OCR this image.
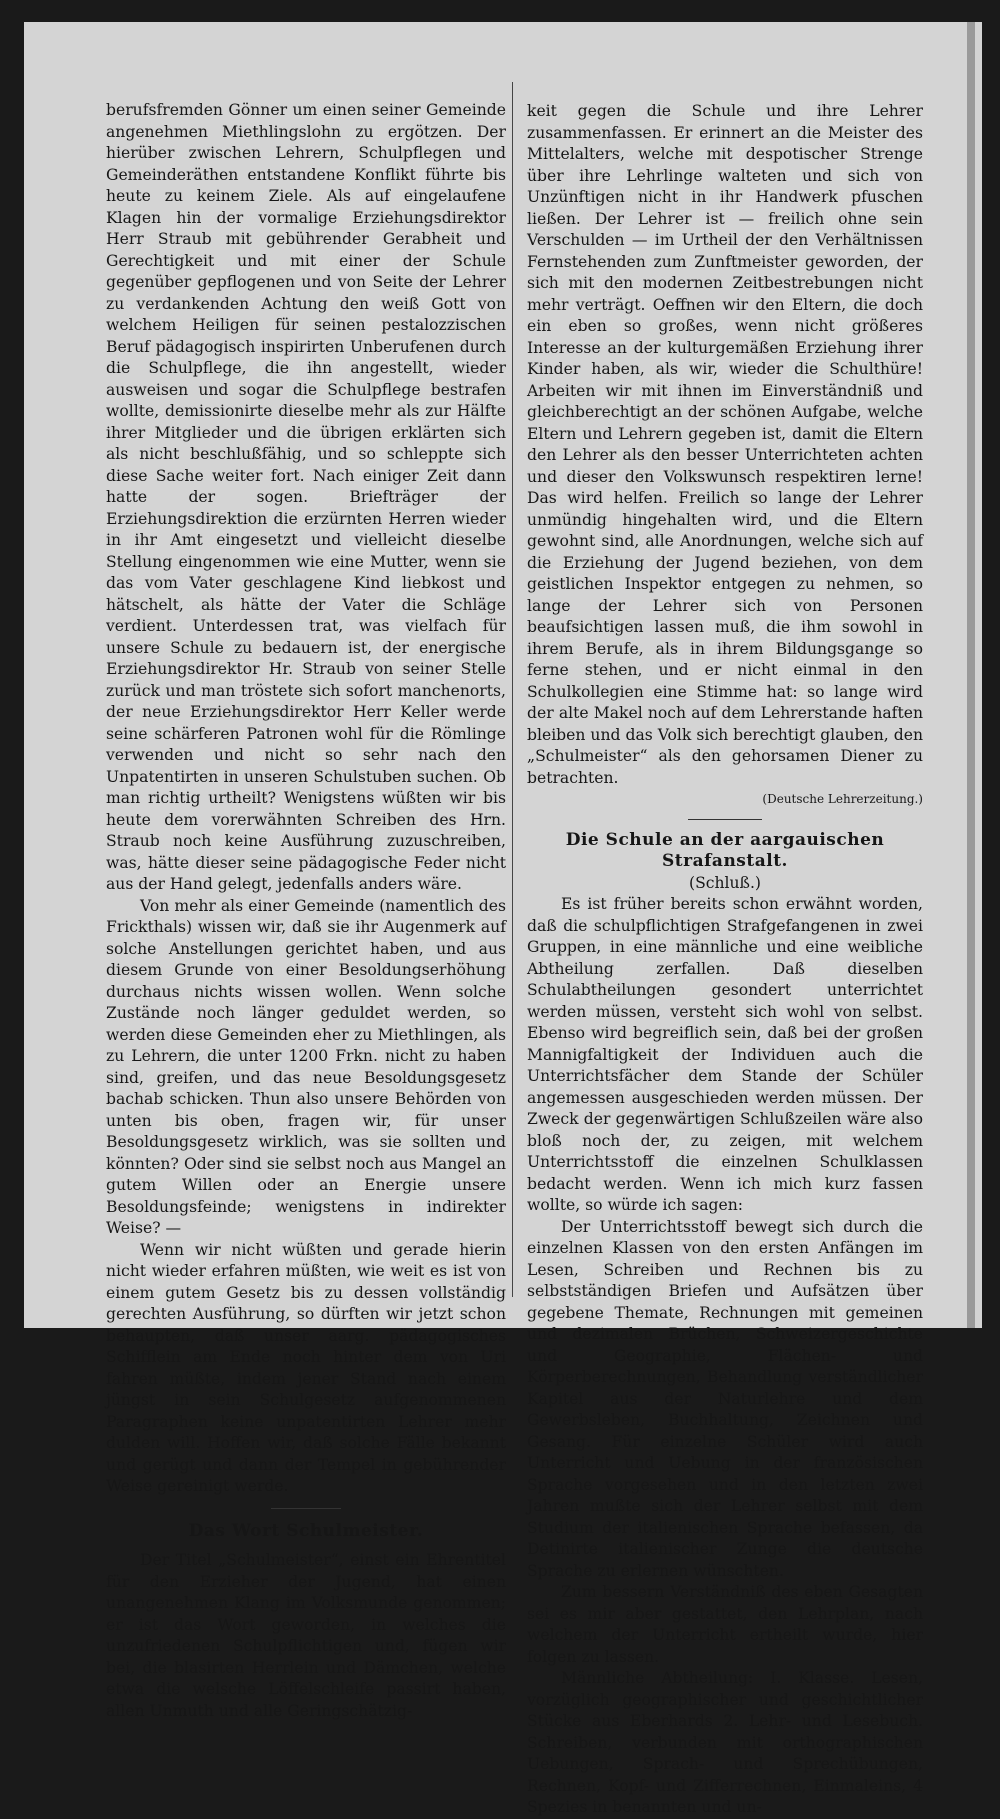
berufsfremden Gönner um einen seiner Gemeinde angenehmen Miethlingslohn zu ergötzen. Der hierüber zwischen Lehrern, Schulpflegen und Gemeinderäthen entstandene Konflikt führte bis heute zu keinem Ziele. Als auf eingelaufene Klagen hin der vormalige Erziehungsdirektor Herr Straub mit gebührender Gerabheit und Gerechtigkeit und mit einer der Schule gegenüber gepflogenen und von Seite der Lehrer zu verdankenden Achtung den weiß Gott von welchem Heiligen für seinen pestalozzischen Beruf pädagogisch inspirirten Unberufenen durch die Schulpflege, die ihn angestellt, wieder ausweisen und sogar die Schulpflege bestrafen wollte, demissionirte dieselbe mehr als zur Hälfte ihrer Mitglieder und die übrigen erklärten sich als nicht beschlußfähig, und so schleppte sich diese Sache weiter fort. Nach einiger Zeit dann hatte der sogen. Briefträger der Erziehungsdirektion die erzürnten Herren wieder in ihr Amt eingesetzt und vielleicht dieselbe Stellung eingenommen wie eine Mutter, wenn sie das vom Vater geschlagene Kind liebkost und hätschelt, als hätte der Vater die Schläge verdient. Unterdessen trat, was vielfach für unsere Schule zu bedauern ist, der energische Erziehungsdirektor Hr. Straub von seiner Stelle zurück und man tröstete sich sofort manchenorts, der neue Erziehungsdirektor Herr Keller werde seine schärferen Patronen wohl für die Römlinge verwenden und nicht so sehr nach den Unpatentirten in unseren Schulstuben suchen. Ob man richtig urtheilt? Wenigstens wüßten wir bis heute dem vorerwähnten Schreiben des Hrn. Straub noch keine Ausführung zuzuschreiben, was, hätte dieser seine pädagogische Feder nicht aus der Hand gelegt, jedenfalls anders wäre.

Von mehr als einer Gemeinde (namentlich des Frickthals) wissen wir, daß sie ihr Augenmerk auf solche Anstellungen gerichtet haben, und aus diesem Grunde von einer Besoldungserhöhung durchaus nichts wissen wollen. Wenn solche Zustände noch länger geduldet werden, so werden diese Gemeinden eher zu Miethlingen, als zu Lehrern, die unter 1200 Frkn. nicht zu haben sind, greifen, und das neue Besoldungsgesetz bachab schicken. Thun also unsere Behörden von unten bis oben, fragen wir, für unser Besoldungsgesetz wirklich, was sie sollten und könnten? Oder sind sie selbst noch aus Mangel an gutem Willen oder an Energie unsere Besoldungsfeinde; wenigstens in indirekter Weise? —

Wenn wir nicht wüßten und gerade hierin nicht wieder erfahren müßten, wie weit es ist von einem gutem Gesetz bis zu dessen vollständig gerechten Ausführung, so dürften wir jetzt schon behaupten, daß unser aarg. pädagogisches Schifflein am Ende noch hinter dem von Uri fahren müßte, indem jener Stand nach einem jüngst in sein Schulgesetz aufgenommenen Paragraphen keine unpatentirten Lehrer mehr dulden will. Hoffen wir, daß solche Fälle bekannt und gerügt und dann der Tempel in gebührender Weise gereinigt werde.

Das Wort Schulmeister.

Der Titel „Schulmeister“, einst ein Ehrentitel für den Erzieher der Jugend, hat einen unangenehmen Klang im Volksmunde genommen; er ist das Wort geworden, in welches die unzufriedenen Schulpflichtigen und, fügen wir bei, die blasirten Herrlein und Dämchen, welche etwa die welsche Löffelschleife passirt haben, allen Unmuth und alle Geringschätzig-

keit gegen die Schule und ihre Lehrer zusammenfassen. Er erinnert an die Meister des Mittelalters, welche mit despotischer Strenge über ihre Lehrlinge walteten und sich von Unzünftigen nicht in ihr Handwerk pfuschen ließen. Der Lehrer ist — freilich ohne sein Verschulden — im Urtheil der den Verhältnissen Fernstehenden zum Zunftmeister geworden, der sich mit den modernen Zeitbestrebungen nicht mehr verträgt. Oeffnen wir den Eltern, die doch ein eben so großes, wenn nicht größeres Interesse an der kulturgemäßen Erziehung ihrer Kinder haben, als wir, wieder die Schulthüre! Arbeiten wir mit ihnen im Einverständniß und gleichberechtigt an der schönen Aufgabe, welche Eltern und Lehrern gegeben ist, damit die Eltern den Lehrer als den besser Unterrichteten achten und dieser den Volkswunsch respektiren lerne! Das wird helfen. Freilich so lange der Lehrer unmündig hingehalten wird, und die Eltern gewohnt sind, alle Anordnungen, welche sich auf die Erziehung der Jugend beziehen, von dem geistlichen Inspektor entgegen zu nehmen, so lange der Lehrer sich von Personen beaufsichtigen lassen muß, die ihm sowohl in ihrem Berufe, als in ihrem Bildungsgange so ferne stehen, und er nicht einmal in den Schulkollegien eine Stimme hat: so lange wird der alte Makel noch auf dem Lehrerstande haften bleiben und das Volk sich berechtigt glauben, den „Schulmeister“ als den gehorsamen Diener zu betrachten.

(Deutsche Lehrerzeitung.)

Die Schule an der aargauischen Strafanstalt.

(Schluß.)

Es ist früher bereits schon erwähnt worden, daß die schulpflichtigen Strafgefangenen in zwei Gruppen, in eine männliche und eine weibliche Abtheilung zerfallen. Daß dieselben Schulabtheilungen gesondert unterrichtet werden müssen, versteht sich wohl von selbst. Ebenso wird begreiflich sein, daß bei der großen Mannigfaltigkeit der Individuen auch die Unterrichtsfächer dem Stande der Schüler angemessen ausgeschieden werden müssen. Der Zweck der gegenwärtigen Schlußzeilen wäre also bloß noch der, zu zeigen, mit welchem Unterrichtsstoff die einzelnen Schulklassen bedacht werden. Wenn ich mich kurz fassen wollte, so würde ich sagen:

Der Unterrichtsstoff bewegt sich durch die einzelnen Klassen von den ersten Anfängen im Lesen, Schreiben und Rechnen bis zu selbstständigen Briefen und Aufsätzen über gegebene Themate, Rechnungen mit gemeinen und dezimalen Brüchen, Schweizergeschichte und Geographie, Flächen- und Körperberechnungen, Behandlung verständlicher Kapitel aus der Naturlehre und dem Gewerbsleben, Buchhaltung, Zeichnen und Gesang. Für einzelne Schüler wird auch Unterricht und Uebung in der französischen Sprache vorgesehen und in den letzten zwei Jahren mußte sich der Lehrer selbst mit dem Studium der italienischen Sprache befassen, da Detinirte italienischer Zunge die deutsche Sprache zu erlernen wünschten.

Zum bessern Verständniß des eben Gesagten sei es mir aber gestattet, den Lehrplan, nach welchem der Unterricht ertheilt wurde, hier folgen zu lassen.

Männliche Abtheilung: I. Klasse. Lesen, vorzüglich geographischer und geschichtlicher Stücke aus Eberhards 2. Lehr- und Lesebuch. Schreiben, verbunden mit orthographischen Uebungen, Sprach- und Sprechübungen, Rechnen, Kopf- und Zifferrechnen, Einmaleins, 4 Spezies in benannten und un-
